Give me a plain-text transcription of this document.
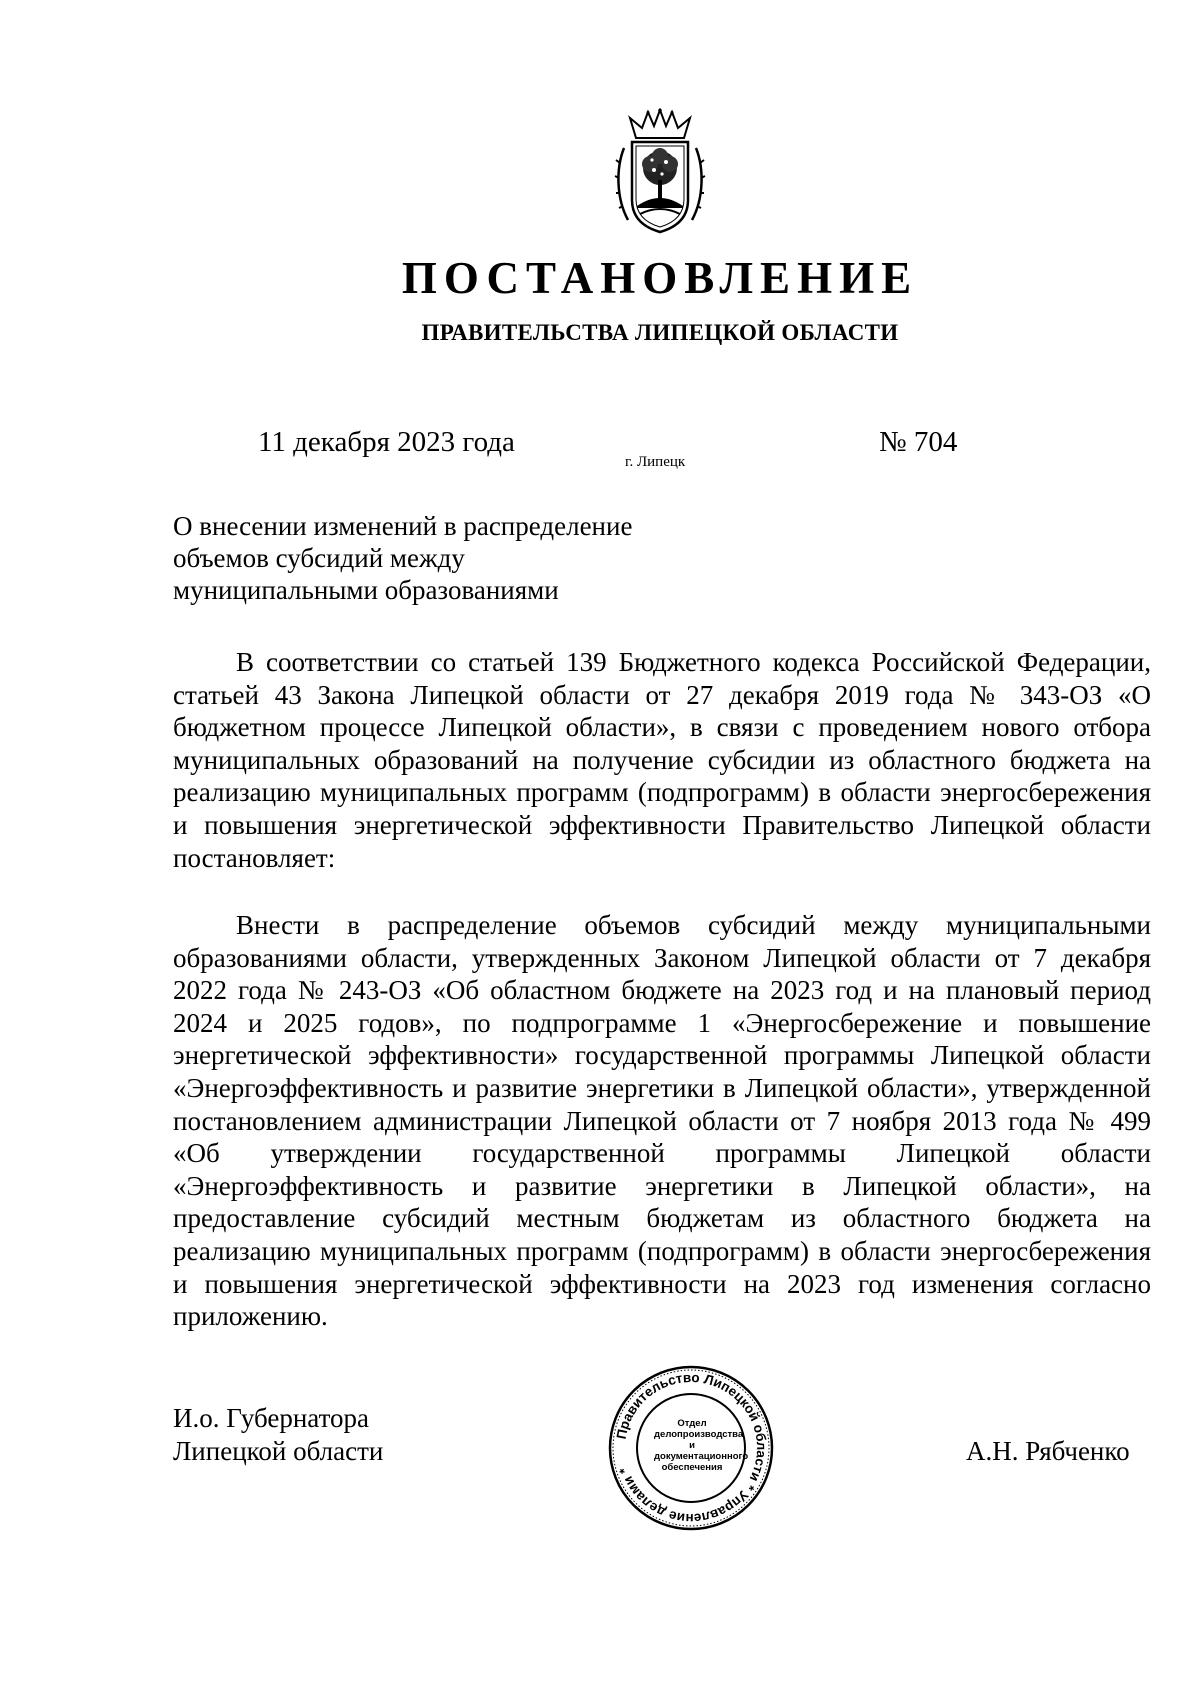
ПОСТАНОВЛЕНИЕ
ПРАВИТЕЛЬСТВА ЛИПЕЦКОЙ ОБЛАСТИ
11 декабря 2023 года
г. Липецк
№ 704

О внесении изменений в распределение
объемов субсидий между
муниципальными образованиями

В соответствии со статьей 139 Бюджетного кодекса Российской Федерации, статьей 43 Закона Липецкой области от 27 декабря 2019 года № 343-ОЗ «О бюджетном процессе Липецкой области», в связи с проведением нового отбора муниципальных образований на получение субсидии из областного бюджета на реализацию муниципальных программ (подпрограмм) в области энергосбережения и повышения энергетической эффективности Правительство Липецкой области постановляет:

Внести в распределение объемов субсидий между муниципальными образованиями области, утвержденных Законом Липецкой области от 7 декабря 2022 года № 243-ОЗ «Об областном бюджете на 2023 год и на плановый период 2024 и 2025 годов», по подпрограмме 1 «Энергосбережение и повышение энергетической эффективности» государственной программы Липецкой области «Энергоэффективность и развитие энергетики в Липецкой области», утвержденной постановлением администрации Липецкой области от 7 ноября 2013 года № 499 «Об утверждении государственной программы Липецкой области «Энергоэффективность и развитие энергетики в Липецкой области», на предоставление субсидий местным бюджетам из областного бюджета на реализацию муниципальных программ (подпрограмм) в области энергосбережения и повышения энергетической эффективности на 2023 год изменения согласно приложению.

И.о. Губернатора
Липецкой области
Правительство Липецкой области * Управление делами *
Отдел
делопроизводства и
документационного
обеспечения
А.Н. Рябченко
